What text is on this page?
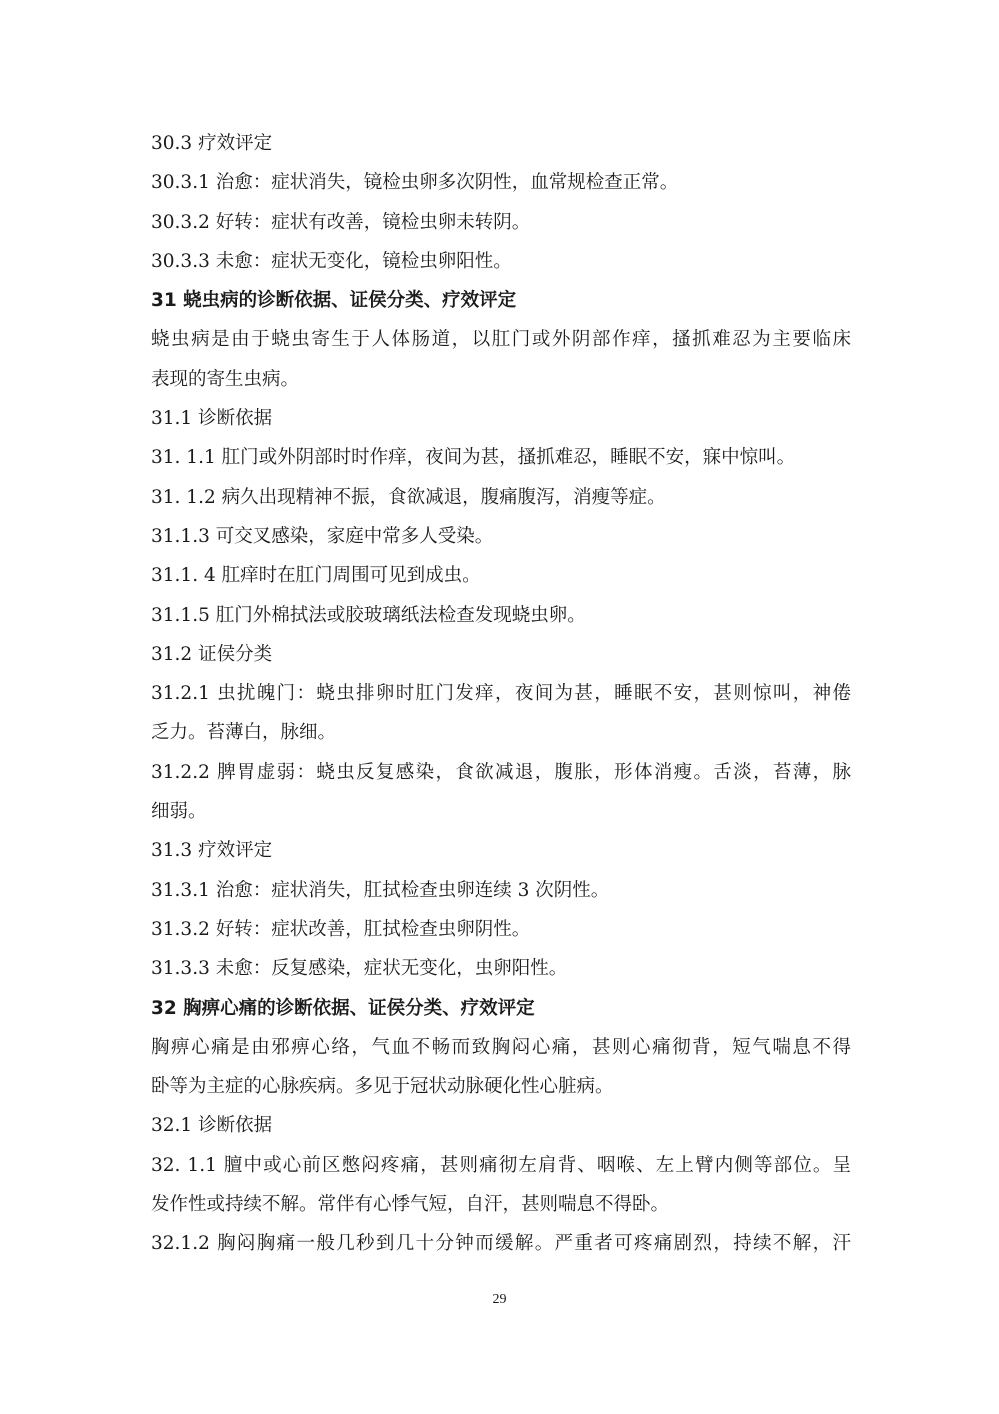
30.3 疗效评定
30.3.1 治愈：症状消失，镜检虫卵多次阴性，血常规检查正常。
30.3.2 好转：症状有改善，镜检虫卵未转阴。
30.3.3 未愈：症状无变化，镜检虫卵阳性。
31 蛲虫病的诊断依据、证侯分类、疗效评定
蛲虫病是由于蛲虫寄生于人体肠道，以肛门或外阴部作痒，搔抓难忍为主要临床
表现的寄生虫病。
31.1 诊断依据
31. 1.1 肛门或外阴部时时作痒，夜间为甚，搔抓难忍，睡眠不安，寐中惊叫。
31. 1.2 病久出现精神不振，食欲减退，腹痛腹泻，消瘦等症。
31.1.3 可交叉感染，家庭中常多人受染。
31.1. 4 肛痒时在肛门周围可见到成虫。
31.1.5 肛门外棉拭法或胶玻璃纸法检查发现蛲虫卵。
31.2 证侯分类
31.2.1 虫扰魄门：蛲虫排卵时肛门发痒，夜间为甚，睡眠不安，甚则惊叫，神倦
乏力。苔薄白，脉细。
31.2.2 脾胃虚弱：蛲虫反复感染，食欲减退，腹胀，形体消瘦。舌淡，苔薄，脉
细弱。
31.3 疗效评定
31.3.1 治愈：症状消失，肛拭检查虫卵连续 3 次阴性。
31.3.2 好转：症状改善，肛拭检查虫卵阴性。
31.3.3 未愈：反复感染，症状无变化，虫卵阳性。
32 胸痹心痛的诊断依据、证侯分类、疗效评定
胸痹心痛是由邪痹心络，气血不畅而致胸闷心痛，甚则心痛彻背，短气喘息不得
卧等为主症的心脉疾病。多见于冠状动脉硬化性心脏病。
32.1 诊断依据
32. 1.1 膻中或心前区憋闷疼痛，甚则痛彻左肩背、咽喉、左上臂内侧等部位。呈
发作性或持续不解。常伴有心悸气短，自汗，甚则喘息不得卧。
32.1.2 胸闷胸痛一般几秒到几十分钟而缓解。严重者可疼痛剧烈，持续不解，汗
29
